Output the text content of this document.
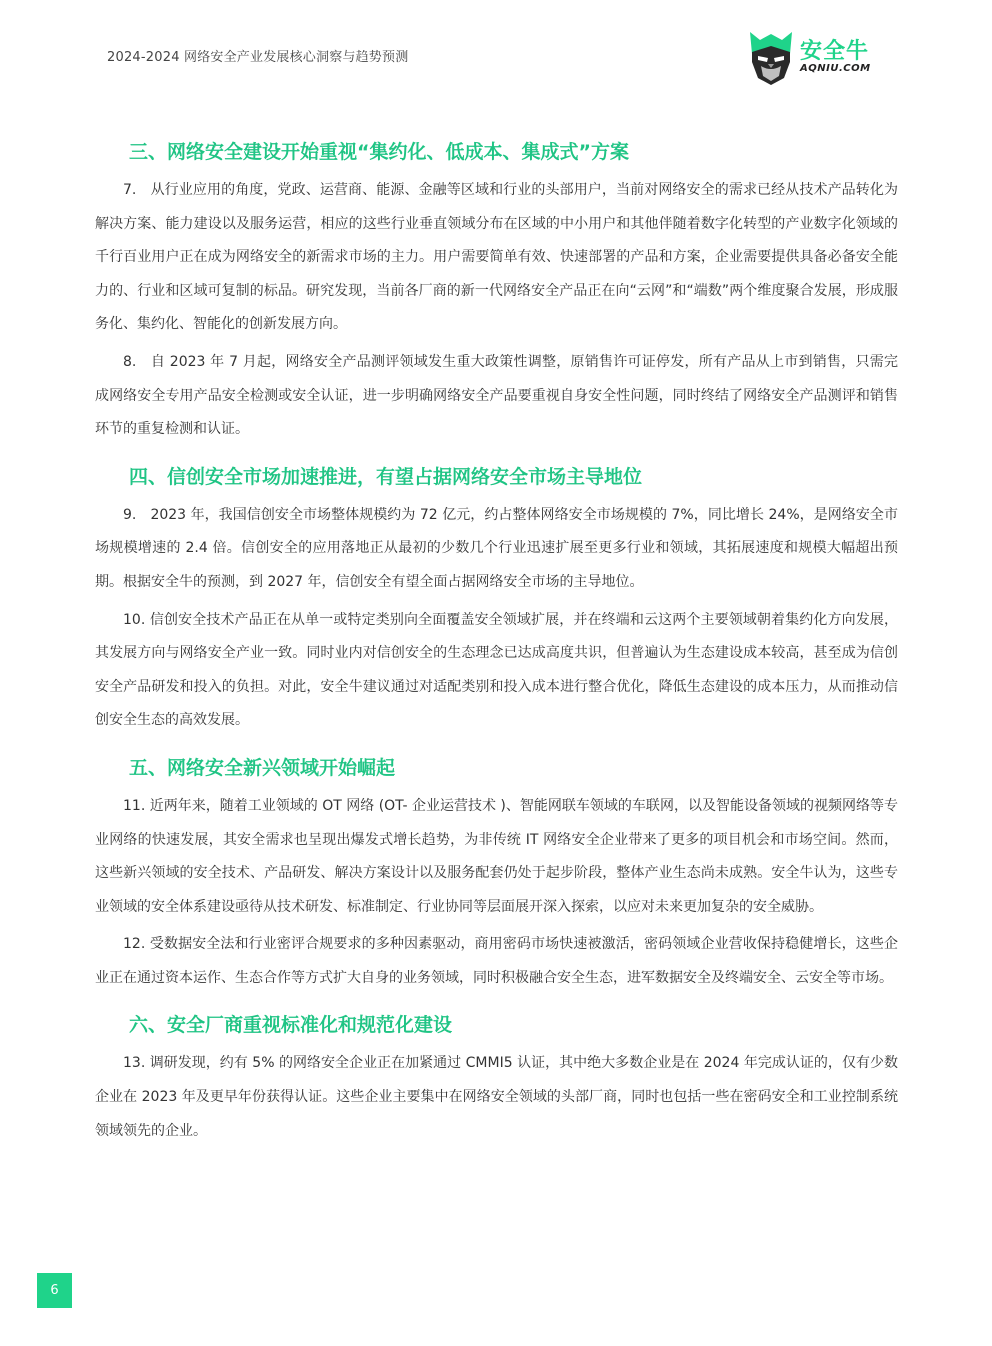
2024-2024 网络安全产业发展核心洞察与趋势预测	安全牛
AQNIU.COM
三、网络安全建设开始重视“集约化、低成本、集成式”方案

7.　从行业应用的角度，党政、运营商、能源、金融等区域和行业的头部用户，当前对网络安全的需求已经从技术产品转化为解决方案、能力建设以及服务运营，相应的这些行业垂直领域分布在区域的中小用户和其他伴随着数字化转型的产业数字化领域的千行百业用户正在成为网络安全的新需求市场的主力。用户需要简单有效、快速部署的产品和方案，企业需要提供具备必备安全能力的、行业和区域可复制的标品。研究发现，当前各厂商的新一代网络安全产品正在向“云网”和“端数”两个维度聚合发展，形成服务化、集约化、智能化的创新发展方向。

8.　自 2023 年 7 月起，网络安全产品测评领域发生重大政策性调整，原销售许可证停发，所有产品从上市到销售，只需完成网络安全专用产品安全检测或安全认证，进一步明确网络安全产品要重视自身安全性问题，同时终结了网络安全产品测评和销售环节的重复检测和认证。

四、信创安全市场加速推进，有望占据网络安全市场主导地位

9.　2023 年，我国信创安全市场整体规模约为 72 亿元，约占整体网络安全市场规模的 7%，同比增长 24%，是网络安全市场规模增速的 2.4 倍。信创安全的应用落地正从最初的少数几个行业迅速扩展至更多行业和领域，其拓展速度和规模大幅超出预期。根据安全牛的预测，到 2027 年，信创安全有望全面占据网络安全市场的主导地位。

10. 信创安全技术产品正在从单一或特定类别向全面覆盖安全领域扩展，并在终端和云这两个主要领域朝着集约化方向发展，其发展方向与网络安全产业一致。同时业内对信创安全的生态理念已达成高度共识，但普遍认为生态建设成本较高，甚至成为信创安全产品研发和投入的负担。对此，安全牛建议通过对适配类别和投入成本进行整合优化，降低生态建设的成本压力，从而推动信创安全生态的高效发展。

五、网络安全新兴领域开始崛起

11. 近两年来，随着工业领域的 OT 网络 (OT- 企业运营技术 )、智能网联车领域的车联网，以及智能设备领域的视频网络等专业网络的快速发展，其安全需求也呈现出爆发式增长趋势，为非传统 IT 网络安全企业带来了更多的项目机会和市场空间。然而，这些新兴领域的安全技术、产品研发、解决方案设计以及服务配套仍处于起步阶段，整体产业生态尚未成熟。安全牛认为，这些专业领域的安全体系建设亟待从技术研发、标准制定、行业协同等层面展开深入探索，以应对未来更加复杂的安全威胁。

12. 受数据安全法和行业密评合规要求的多种因素驱动，商用密码市场快速被激活，密码领域企业营收保持稳健增长，这些企业正在通过资本运作、生态合作等方式扩大自身的业务领域，同时积极融合安全生态，进军数据安全及终端安全、云安全等市场。

六、安全厂商重视标准化和规范化建设

13. 调研发现，约有 5% 的网络安全企业正在加紧通过 CMMI5 认证，其中绝大多数企业是在 2024 年完成认证的，仅有少数企业在 2023 年及更早年份获得认证。这些企业主要集中在网络安全领域的头部厂商，同时也包括一些在密码安全和工业控制系统领域领先的企业。

6
